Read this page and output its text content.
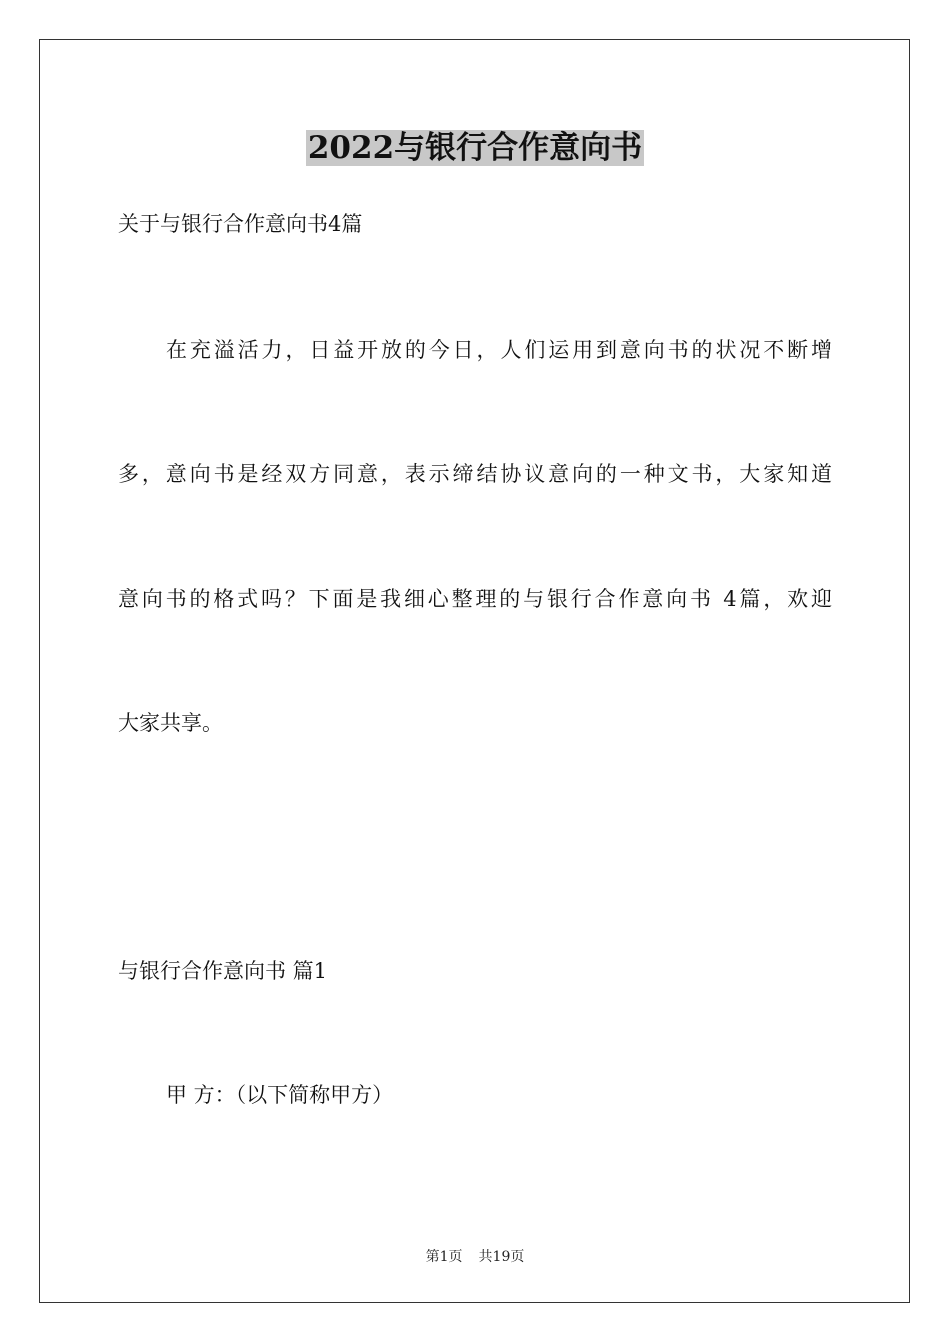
2022与银行合作意向书
关于与银行合作意向书4篇
在充溢活力，日益开放的今日，人们运用到意向书的状况不断增
多，意向书是经双方同意，表示缔结协议意向的一种文书，大家知道
意向书的格式吗？下面是我细心整理的与银行合作意向书 4篇，欢迎
大家共享。
与银行合作意向书 篇1
甲 方：（以下简称甲方）
第1页 共19页
